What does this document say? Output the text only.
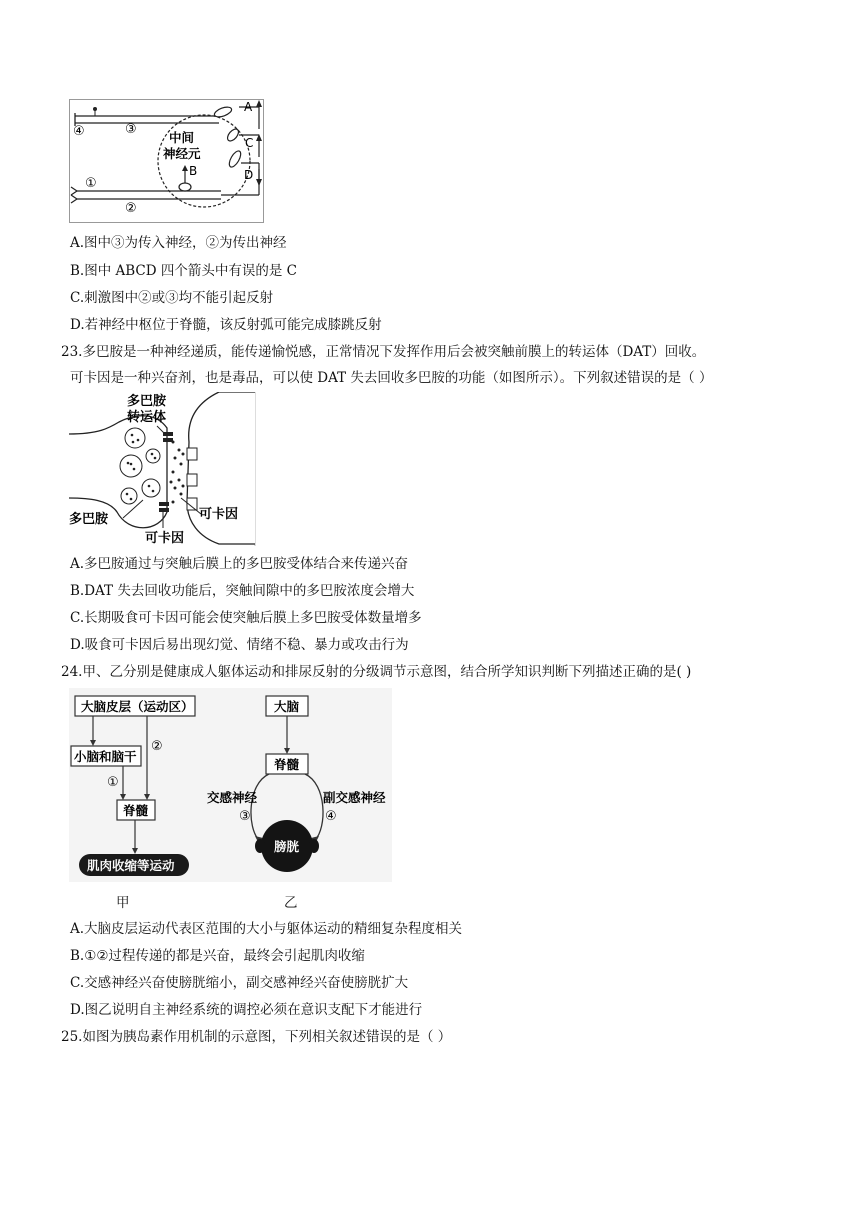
④	③
①
②
中间
神经元
A
B
C
D
A.图中③为传入神经，②为传出神经
B.图中 ABCD 四个箭头中有误的是 C
C.刺激图中②或③均不能引起反射
D.若神经中枢位于脊髓，该反射弧可能完成膝跳反射
23.多巴胺是一种神经递质，能传递愉悦感，正常情况下发挥作用后会被突触前膜上的转运体（DAT）回收。
可卡因是一种兴奋剂，也是毒品，可以使 DAT 失去回收多巴胺的功能（如图所示）。下列叙述错误的是（ ）
多巴胺
转运体
多巴胺	可卡因
可卡因
A.多巴胺通过与突触后膜上的多巴胺受体结合来传递兴奋
B.DAT 失去回收功能后，突触间隙中的多巴胺浓度会增大
C.长期吸食可卡因可能会使突触后膜上多巴胺受体数量增多
D.吸食可卡因后易出现幻觉、情绪不稳、暴力或攻击行为
24.甲、乙分别是健康成人躯体运动和排尿反射的分级调节示意图，结合所学知识判断下列描述正确的是( )
大脑皮层（运动区）
小脑和脑干
脊髓
肌肉收缩等运动
②
①
大脑
脊髓
膀胱
交感神经	副交感神经
③	④
甲	乙
A.大脑皮层运动代表区范围的大小与躯体运动的精细复杂程度相关
B.①②过程传递的都是兴奋，最终会引起肌肉收缩
C.交感神经兴奋使膀胱缩小，副交感神经兴奋使膀胱扩大
D.图乙说明自主神经系统的调控必须在意识支配下才能进行
25.如图为胰岛素作用机制的示意图，下列相关叙述错误的是（ ）
